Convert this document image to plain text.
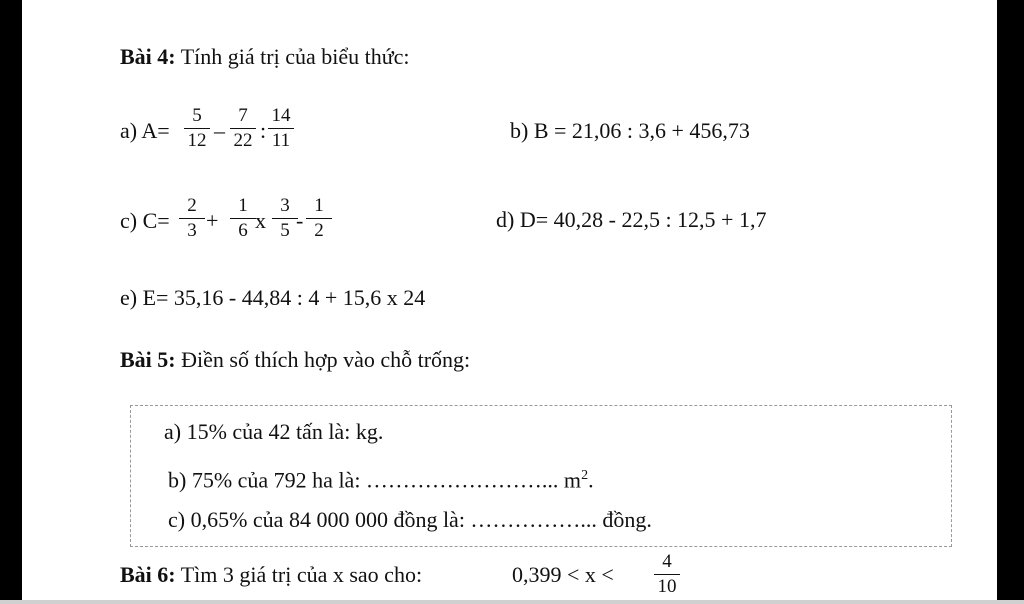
Bài 4: Tính giá trị của biểu thức:
a) A=
5
12 –
7
22 :
14
11	b) B = 21,06 : 3,6 + 456,73
c) C=
2
3 +
1
6 x
3
5 -
1
2	d) D= 40,28 - 22,5 : 12,5 + 1,7
e) E= 35,16 - 44,84 : 4 + 15,6 x 24
Bài 5: Điền số thích hợp vào chỗ trống:
a) 15% của 42 tấn là: kg.
b) 75% của 792 ha là: ……………………... $m^2$.
c) 0,65% của 84 000 000 đồng là: ……………... đồng.
Bài 6: Tìm 3 giá trị của x sao cho:	0,399 < x <
4
10
